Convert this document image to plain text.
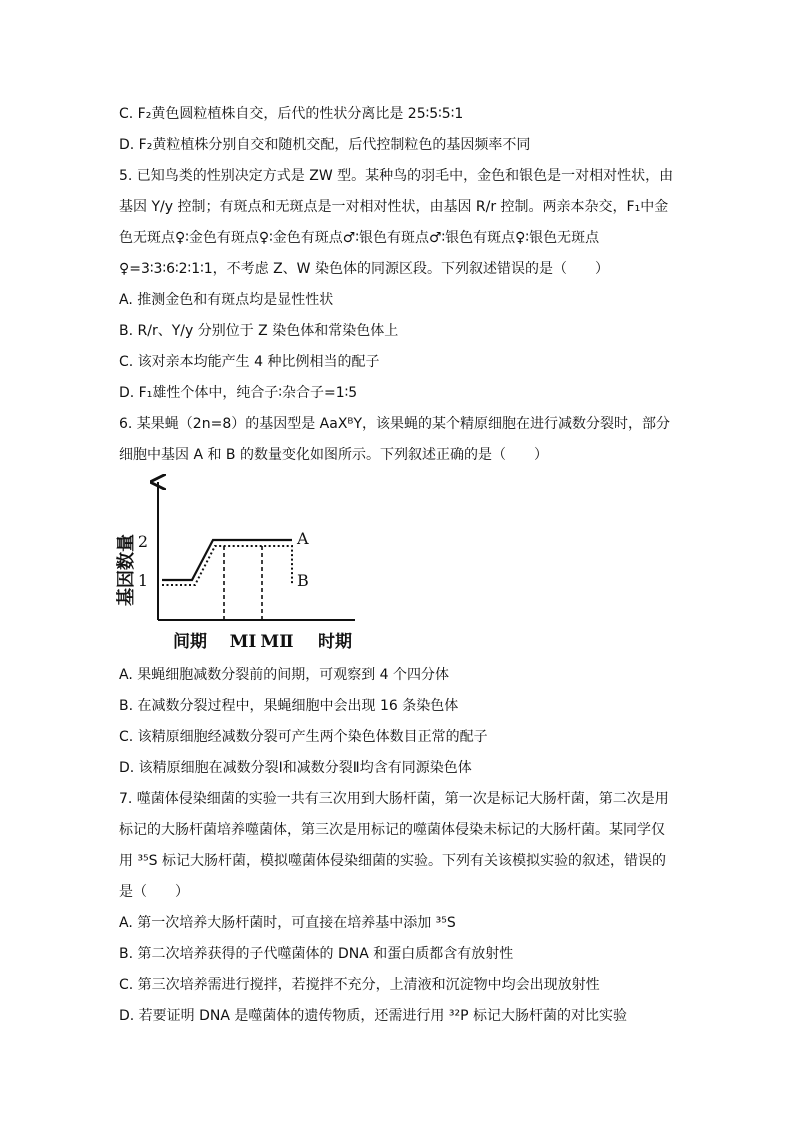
C. F₂黄色圆粒植株自交，后代的性状分离比是 25∶5∶5∶1
D. F₂黄粒植株分别自交和随机交配，后代控制粒色的基因频率不同
5. 已知鸟类的性别决定方式是 ZW 型。某种鸟的羽毛中，金色和银色是一对相对性状，由
基因 Y/y 控制；有斑点和无斑点是一对相对性状，由基因 R/r 控制。两亲本杂交，F₁中金
色无斑点♀∶金色有斑点♀∶金色有斑点♂∶银色有斑点♂∶银色有斑点♀∶银色无斑点
♀=3∶3∶6∶2∶1∶1，不考虑 Z、W 染色体的同源区段。下列叙述错误的是（　　）
A. 推测金色和有斑点均是显性性状
B. R/r、Y/y 分别位于 Z 染色体和常染色体上
C. 该对亲本均能产生 4 种比例相当的配子
D. F₁雄性个体中，纯合子∶杂合子=1∶5
6. 某果蝇（2n=8）的基因型是 AaXᴮY，该果蝇的某个精原细胞在进行减数分裂时，部分
细胞中基因 A 和 B 的数量变化如图所示。下列叙述正确的是（　　）
基因数量 2
1
A
B
间期 MⅠ MⅡ 时期
A. 果蝇细胞减数分裂前的间期，可观察到 4 个四分体
B. 在减数分裂过程中，果蝇细胞中会出现 16 条染色体
C. 该精原细胞经减数分裂可产生两个染色体数目正常的配子
D. 该精原细胞在减数分裂Ⅰ和减数分裂Ⅱ均含有同源染色体
7. 噬菌体侵染细菌的实验一共有三次用到大肠杆菌，第一次是标记大肠杆菌，第二次是用
标记的大肠杆菌培养噬菌体，第三次是用标记的噬菌体侵染未标记的大肠杆菌。某同学仅
用 ³⁵S 标记大肠杆菌，模拟噬菌体侵染细菌的实验。下列有关该模拟实验的叙述，错误的
是（　　）
A. 第一次培养大肠杆菌时，可直接在培养基中添加 ³⁵S
B. 第二次培养获得的子代噬菌体的 DNA 和蛋白质都含有放射性
C. 第三次培养需进行搅拌，若搅拌不充分，上清液和沉淀物中均会出现放射性
D. 若要证明 DNA 是噬菌体的遗传物质，还需进行用 ³²P 标记大肠杆菌的对比实验
